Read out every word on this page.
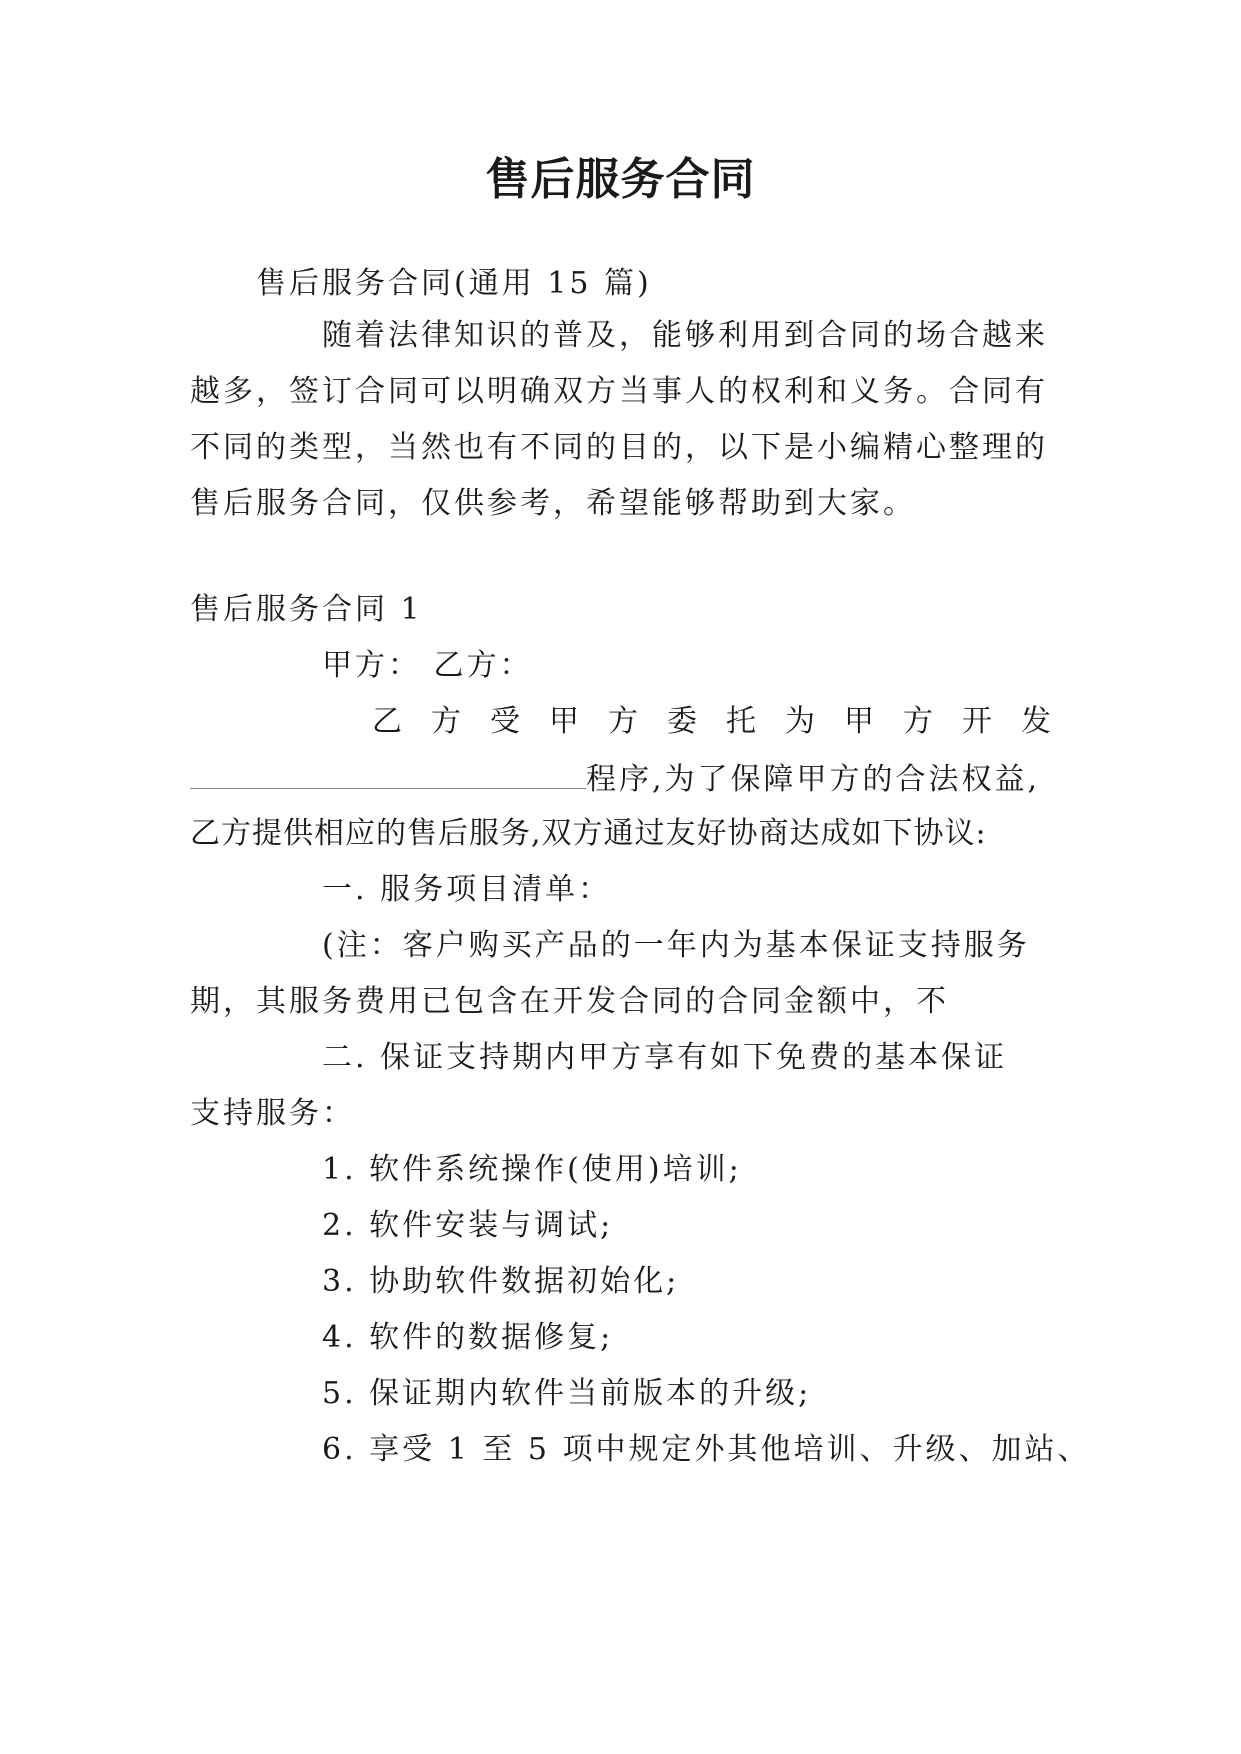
售后服务合同
售后服务合同(通用 15 篇)
随着法律知识的普及，能够利用到合同的场合越来
越多，签订合同可以明确双方当事人的权利和义务。合同有
不同的类型，当然也有不同的目的，以下是小编精心整理的
售后服务合同，仅供参考，希望能够帮助到大家。
售后服务合同 1
甲方： 乙方：
乙 方 受 甲 方 委 托 为 甲 方 开 发
程序,为了保障甲方的合法权益,
乙方提供相应的售后服务,双方通过友好协商达成如下协议:
一. 服务项目清单：
(注：客户购买产品的一年内为基本保证支持服务
期，其服务费用已包含在开发合同的合同金额中，不
二. 保证支持期内甲方享有如下免费的基本保证
支持服务：
1. 软件系统操作(使用)培训;
2. 软件安装与调试;
3. 协助软件数据初始化;
4. 软件的数据修复;
5. 保证期内软件当前版本的升级;
6. 享受 1 至 5 项中规定外其他培训、升级、加站、
